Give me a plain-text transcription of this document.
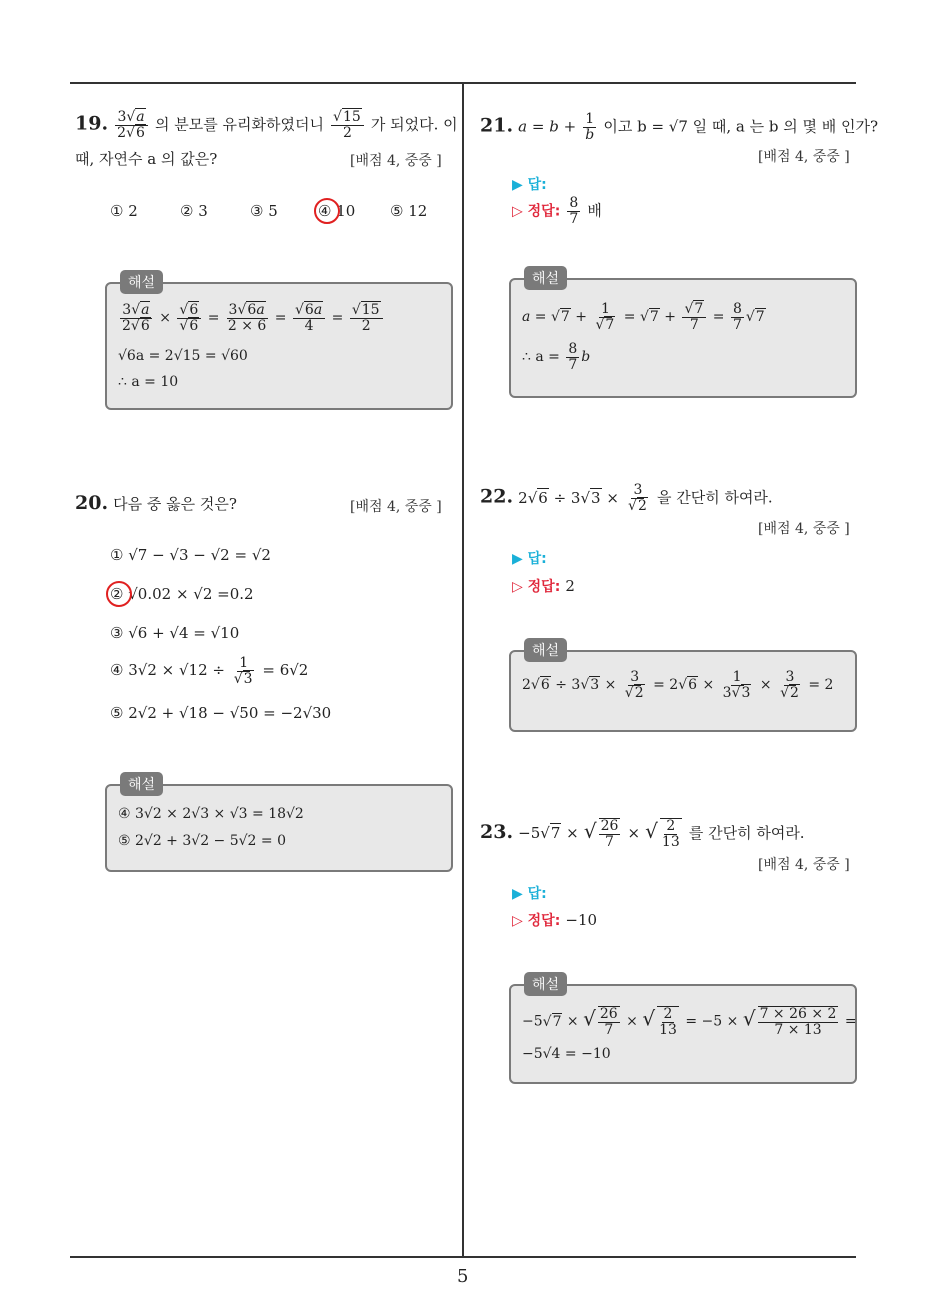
19. $\frac{3√a}{2√6}$ 의 분모를 유리화하였더니 $\frac{√15}{2}$ 가 되었다. 이
때, 자연수 a 의 값은?	[배점 4, 중중 ]
① 2	② 3	③ 5	④ 10 ⑤ 12
해설
$\frac{3√a}{2√6} \times \frac{√6}{√6} = \frac{3√6a}{2 \times 6} = \frac{√6a}{4} = \frac{√15}{2}$
√6a = 2√15 = √60
∴ a = 10
20. 다음 중 옳은 것은?	[배점 4, 중중 ]
① √7 − √3 − √2 = √2
② √0.02 × √2 =0.2
③ √6 + √4 = √10
④ $3√2 \times √12 \div \frac{1}{√3} = 6√2$
⑤ 2√2 + √18 − √50 = −2√30
해설
④ 3√2 × 2√3 × √3 = 18√2
⑤ 2√2 + 3√2 − 5√2 = 0
21. $a = b + \frac{1}{b}$ 이고 b = √7 일 때, a 는 b 의 몇 배 인가?
[배점 4, 중중 ]
▶ 답:
▷ 정답: $\frac{8}{7}$ 배
해설
$a = √7 + \frac{1}{√7} = √7 + \frac{√7}{7} = \frac{8}{7} √7$
∴ $a = \frac{8}{7}$ b
22. $2√6 \div 3√3 \times \frac{3}{√2}$ 을 간단히 하여라.
[배점 4, 중중 ]
▶ 답:
▷ 정답: 2
해설
$2√6 \div 3√3 \times \frac{3}{√2} = 2√6 \times \frac{1}{3√3} \times \frac{3}{√2} = 2$
23. −5√7 × √ $\frac{26}{7}$ × √ $\frac{2}{13}$ 를 간단히 하여라.
[배점 4, 중중 ]
▶ 답:
▷ 정답: −10
해설
−5√7 × √ $\frac{26}{7}$ × √ $\frac{2}{13} = -5$ × √ $\frac{7 \times 26 \times 2}{7 \times 13}$ =
−5√4 = −10
5
